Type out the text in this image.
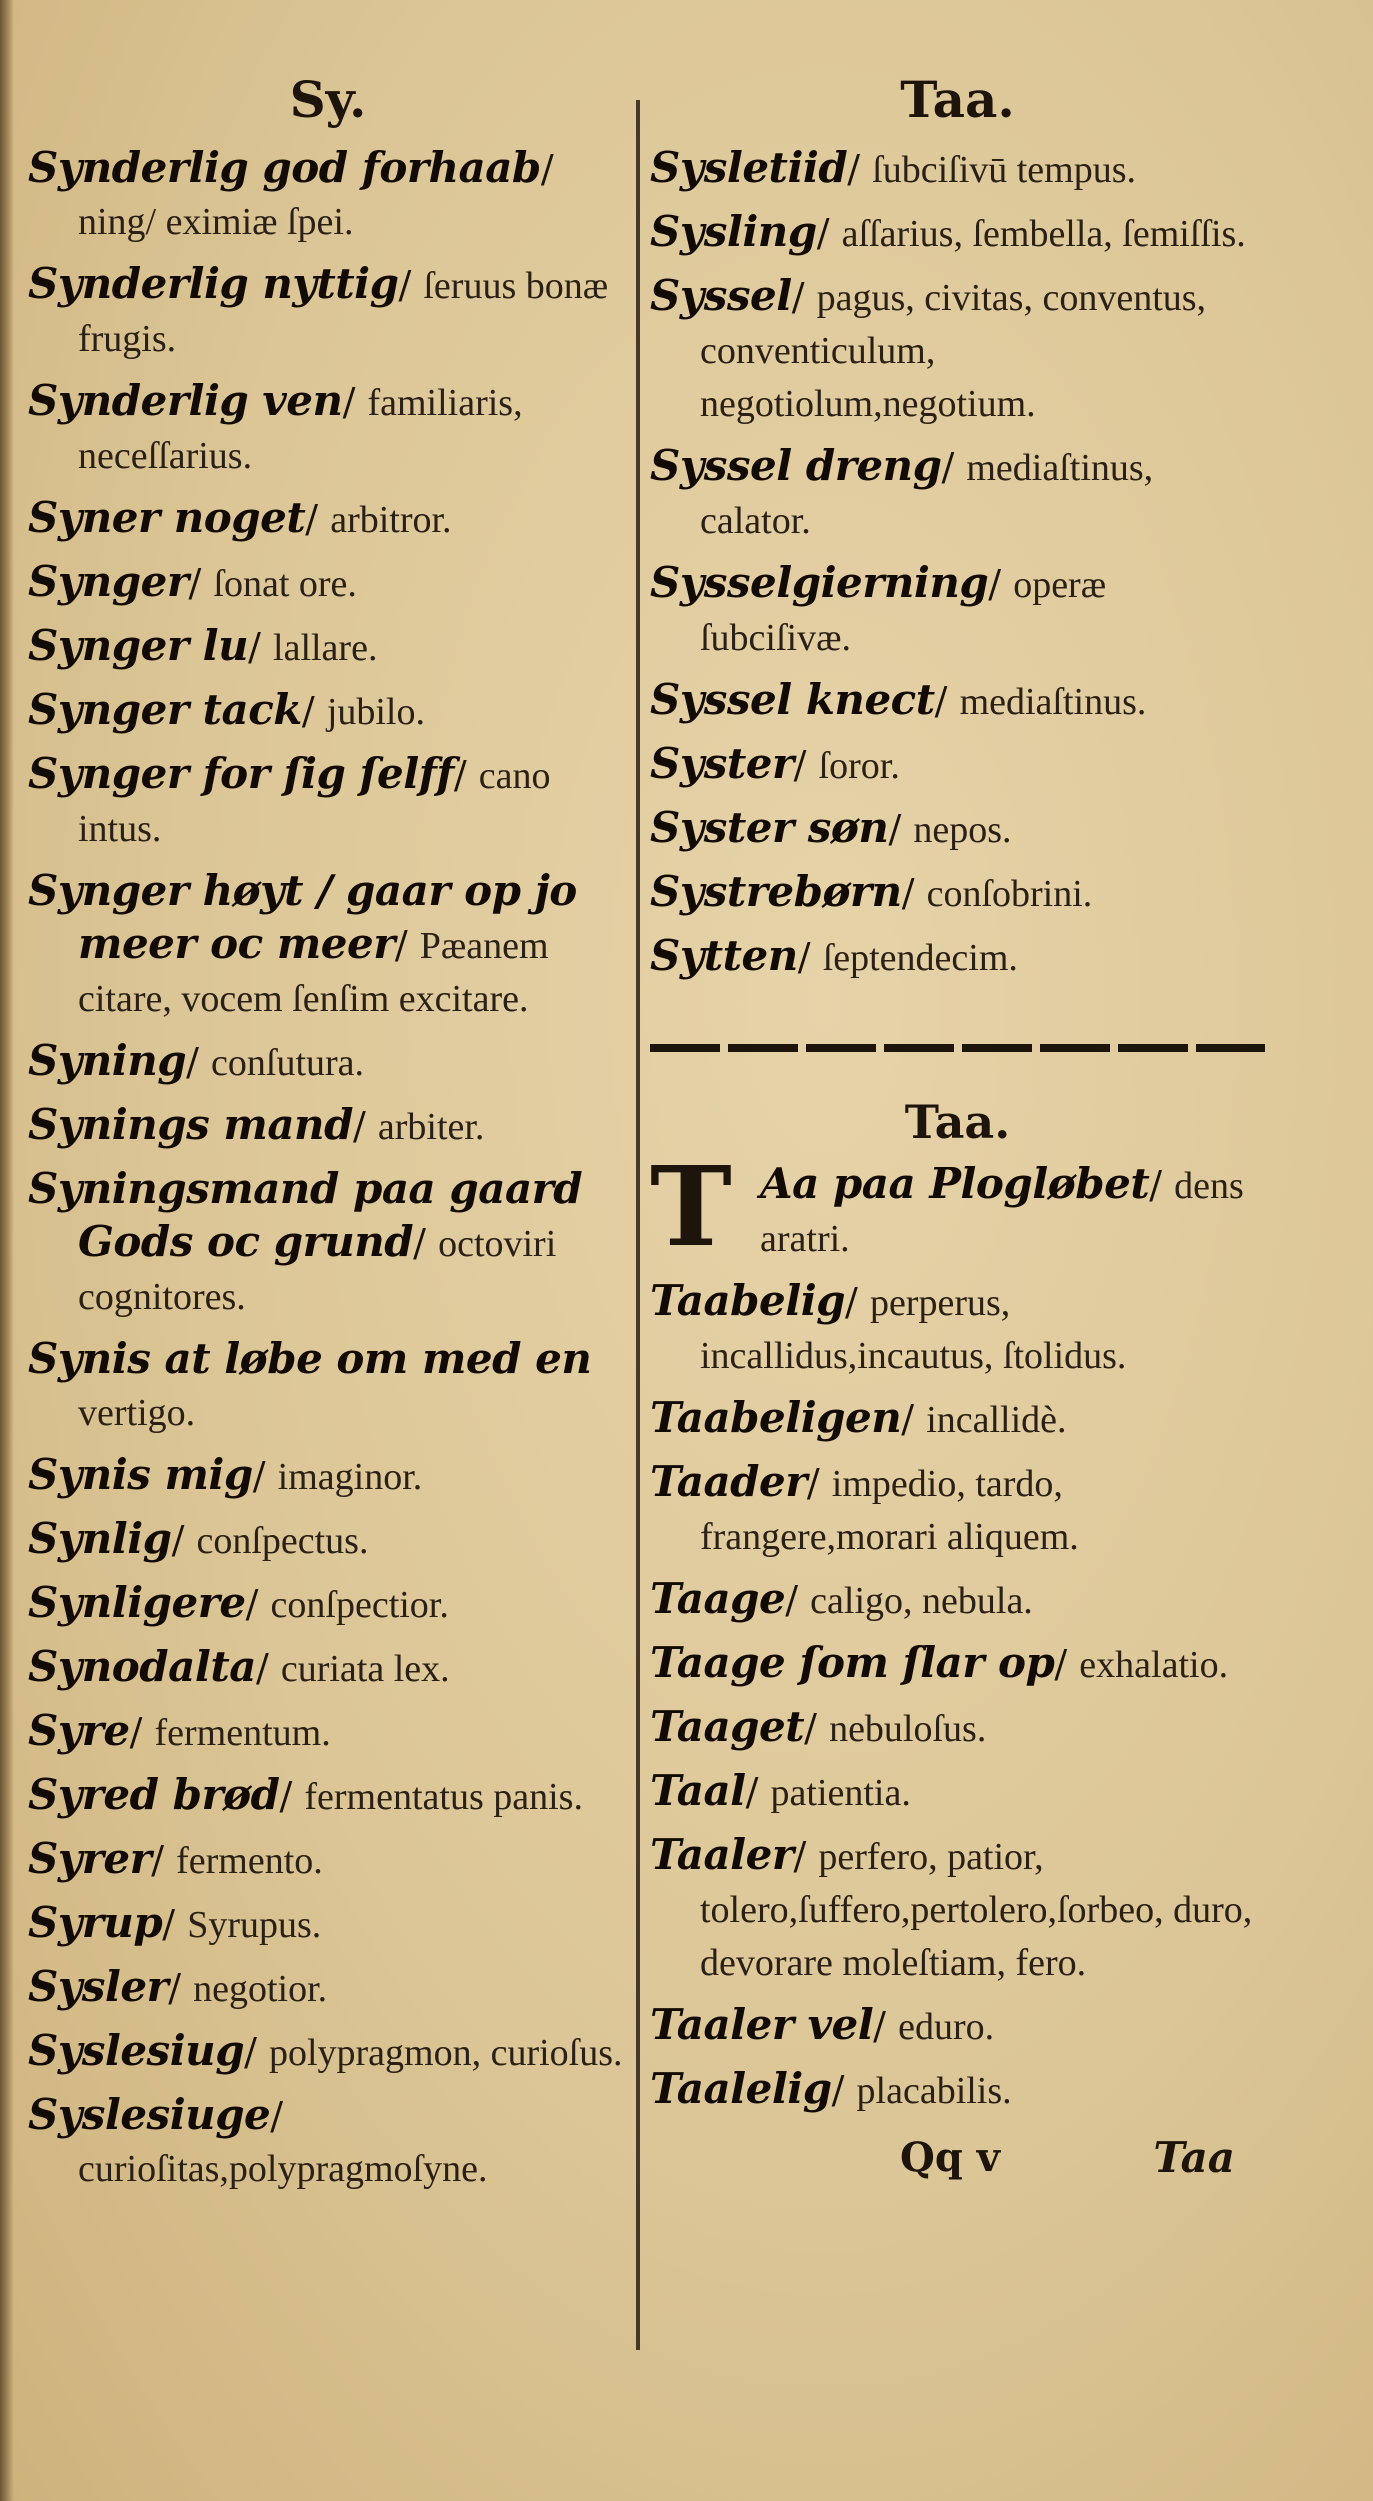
Sy.
Synderlig god forhaab/ ning/ eximiæ ſpei.
Synderlig nyttig/ ſeruus bonæ frugis.
Synderlig ven/ familiaris, neceſſarius.
Syner noget/ arbitror.
Synger/ ſonat ore.
Synger lu/ lallare.
Synger tack/ jubilo.
Synger for ſig ſelff/ cano intus.
Synger høyt / gaar op jo meer oc meer/ Pæanem citare, vocem ſenſim excitare.
Syning/ conſutura.
Synings mand/ arbiter.
Syningsmand paa gaard Gods oc grund/ octoviri cognitores.
Synis at løbe om med en vertigo.
Synis mig/ imaginor.
Synlig/ conſpectus.
Synligere/ conſpectior.
Synodalta/ curiata lex.
Syre/ fermentum.
Syred brød/ fermentatus panis.
Syrer/ fermento.
Syrup/ Syrupus.
Sysler/ negotior.
Syslesiug/ polypragmon, curioſus.
Syslesiuge/ curioſitas,polypragmoſyne.
Taa.
Sysletiid/ ſubciſivū tempus.
Sysling/ aſſarius, ſembella, ſemiſſis.
Syssel/ pagus, civitas, conventus, conventiculum, negotiolum,negotium.
Syssel dreng/ mediaſtinus, calator.
Sysselgierning/ operæ ſubciſivæ.
Syssel knect/ mediaſtinus.
Syster/ ſoror.
Syster søn/ nepos.
Systrebørn/ conſobrini.
Sytten/ ſeptendecim.
Taa.
T Aa paa Plogløbet/ dens aratri.
Taabelig/ perperus, incallidus,incautus, ſtolidus.
Taabeligen/ incallidè.
Taader/ impedio, tardo, frangere,morari aliquem.
Taage/ caligo, nebula.
Taage ſom ſlar op/ exhalatio.
Taaget/ nebuloſus.
Taal/ patientia.
Taaler/ perfero, patior, tolero,ſuffero,pertolero,ſorbeo, duro, devorare moleſtiam, fero.
Taaler vel/ eduro.
Taalelig/ placabilis.
Qq v	Taa
